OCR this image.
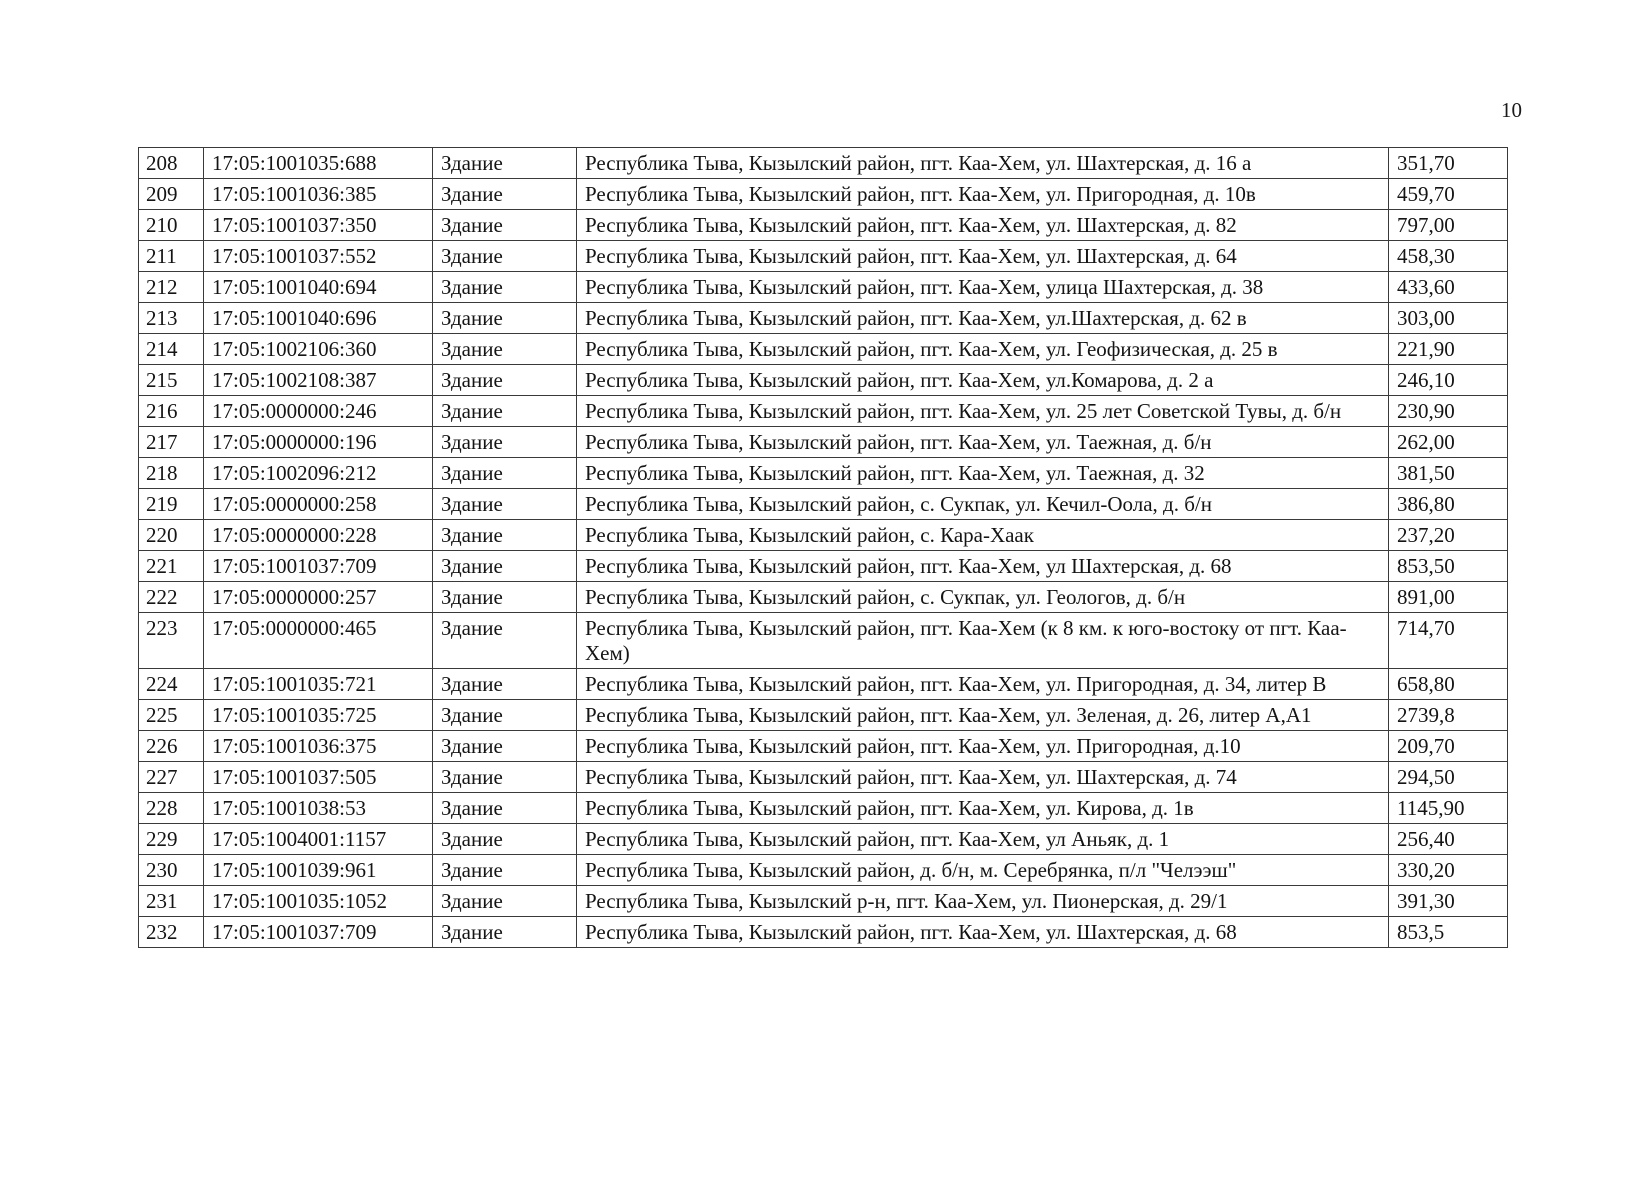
10
208	17:05:1001035:688	Здание	Республика Тыва, Кызылский район, пгт. Каа-Хем, ул. Шахтерская, д. 16 а	351,70
209	17:05:1001036:385	Здание	Республика Тыва, Кызылский район, пгт. Каа-Хем, ул. Пригородная, д. 10в	459,70
210	17:05:1001037:350	Здание	Республика Тыва, Кызылский район, пгт. Каа-Хем, ул. Шахтерская, д. 82	797,00
211	17:05:1001037:552	Здание	Республика Тыва, Кызылский район, пгт. Каа-Хем, ул. Шахтерская, д. 64	458,30
212	17:05:1001040:694	Здание	Республика Тыва, Кызылский район, пгт. Каа-Хем, улица Шахтерская, д. 38	433,60
213	17:05:1001040:696	Здание	Республика Тыва, Кызылский район, пгт. Каа-Хем, ул.Шахтерская, д. 62 в	303,00
214	17:05:1002106:360	Здание	Республика Тыва, Кызылский район, пгт. Каа-Хем, ул. Геофизическая, д. 25 в	221,90
215	17:05:1002108:387	Здание	Республика Тыва, Кызылский район, пгт. Каа-Хем, ул.Комарова, д. 2 а	246,10
216	17:05:0000000:246	Здание	Республика Тыва, Кызылский район, пгт. Каа-Хем, ул. 25 лет Советской Тувы, д. б/н	230,90
217	17:05:0000000:196	Здание	Республика Тыва, Кызылский район, пгт. Каа-Хем, ул. Таежная, д. б/н	262,00
218	17:05:1002096:212	Здание	Республика Тыва, Кызылский район, пгт. Каа-Хем, ул. Таежная, д. 32	381,50
219	17:05:0000000:258	Здание	Республика Тыва, Кызылский район, с. Сукпак, ул. Кечил-Оола, д. б/н	386,80
220	17:05:0000000:228	Здание	Республика Тыва, Кызылский район, с. Кара-Хаак	237,20
221	17:05:1001037:709	Здание	Республика Тыва, Кызылский район, пгт. Каа-Хем, ул Шахтерская, д. 68	853,50
222	17:05:0000000:257	Здание	Республика Тыва, Кызылский район, с. Сукпак, ул. Геологов, д. б/н	891,00
223	17:05:0000000:465	Здание	Республика Тыва, Кызылский район, пгт. Каа-Хем (к 8 км. к юго-востоку от пгт. Каа-Хем)	714,70
224	17:05:1001035:721	Здание	Республика Тыва, Кызылский район, пгт. Каа-Хем, ул. Пригородная, д. 34, литер В	658,80
225	17:05:1001035:725	Здание	Республика Тыва, Кызылский район, пгт. Каа-Хем, ул. Зеленая, д. 26, литер А,А1	2739,8
226	17:05:1001036:375	Здание	Республика Тыва, Кызылский район, пгт. Каа-Хем, ул. Пригородная, д.10	209,70
227	17:05:1001037:505	Здание	Республика Тыва, Кызылский район, пгт. Каа-Хем, ул. Шахтерская, д. 74	294,50
228	17:05:1001038:53	Здание	Республика Тыва, Кызылский район, пгт. Каа-Хем, ул. Кирова, д. 1в	1145,90
229	17:05:1004001:1157	Здание	Республика Тыва, Кызылский район, пгт. Каа-Хем, ул Аньяк, д. 1	256,40
230	17:05:1001039:961	Здание	Республика Тыва, Кызылский район, д. б/н, м. Серебрянка, п/л "Челээш"	330,20
231	17:05:1001035:1052	Здание	Республика Тыва, Кызылский р-н, пгт. Каа-Хем, ул. Пионерская, д. 29/1	391,30
232	17:05:1001037:709	Здание	Республика Тыва, Кызылский район, пгт. Каа-Хем, ул. Шахтерская, д. 68	853,5
